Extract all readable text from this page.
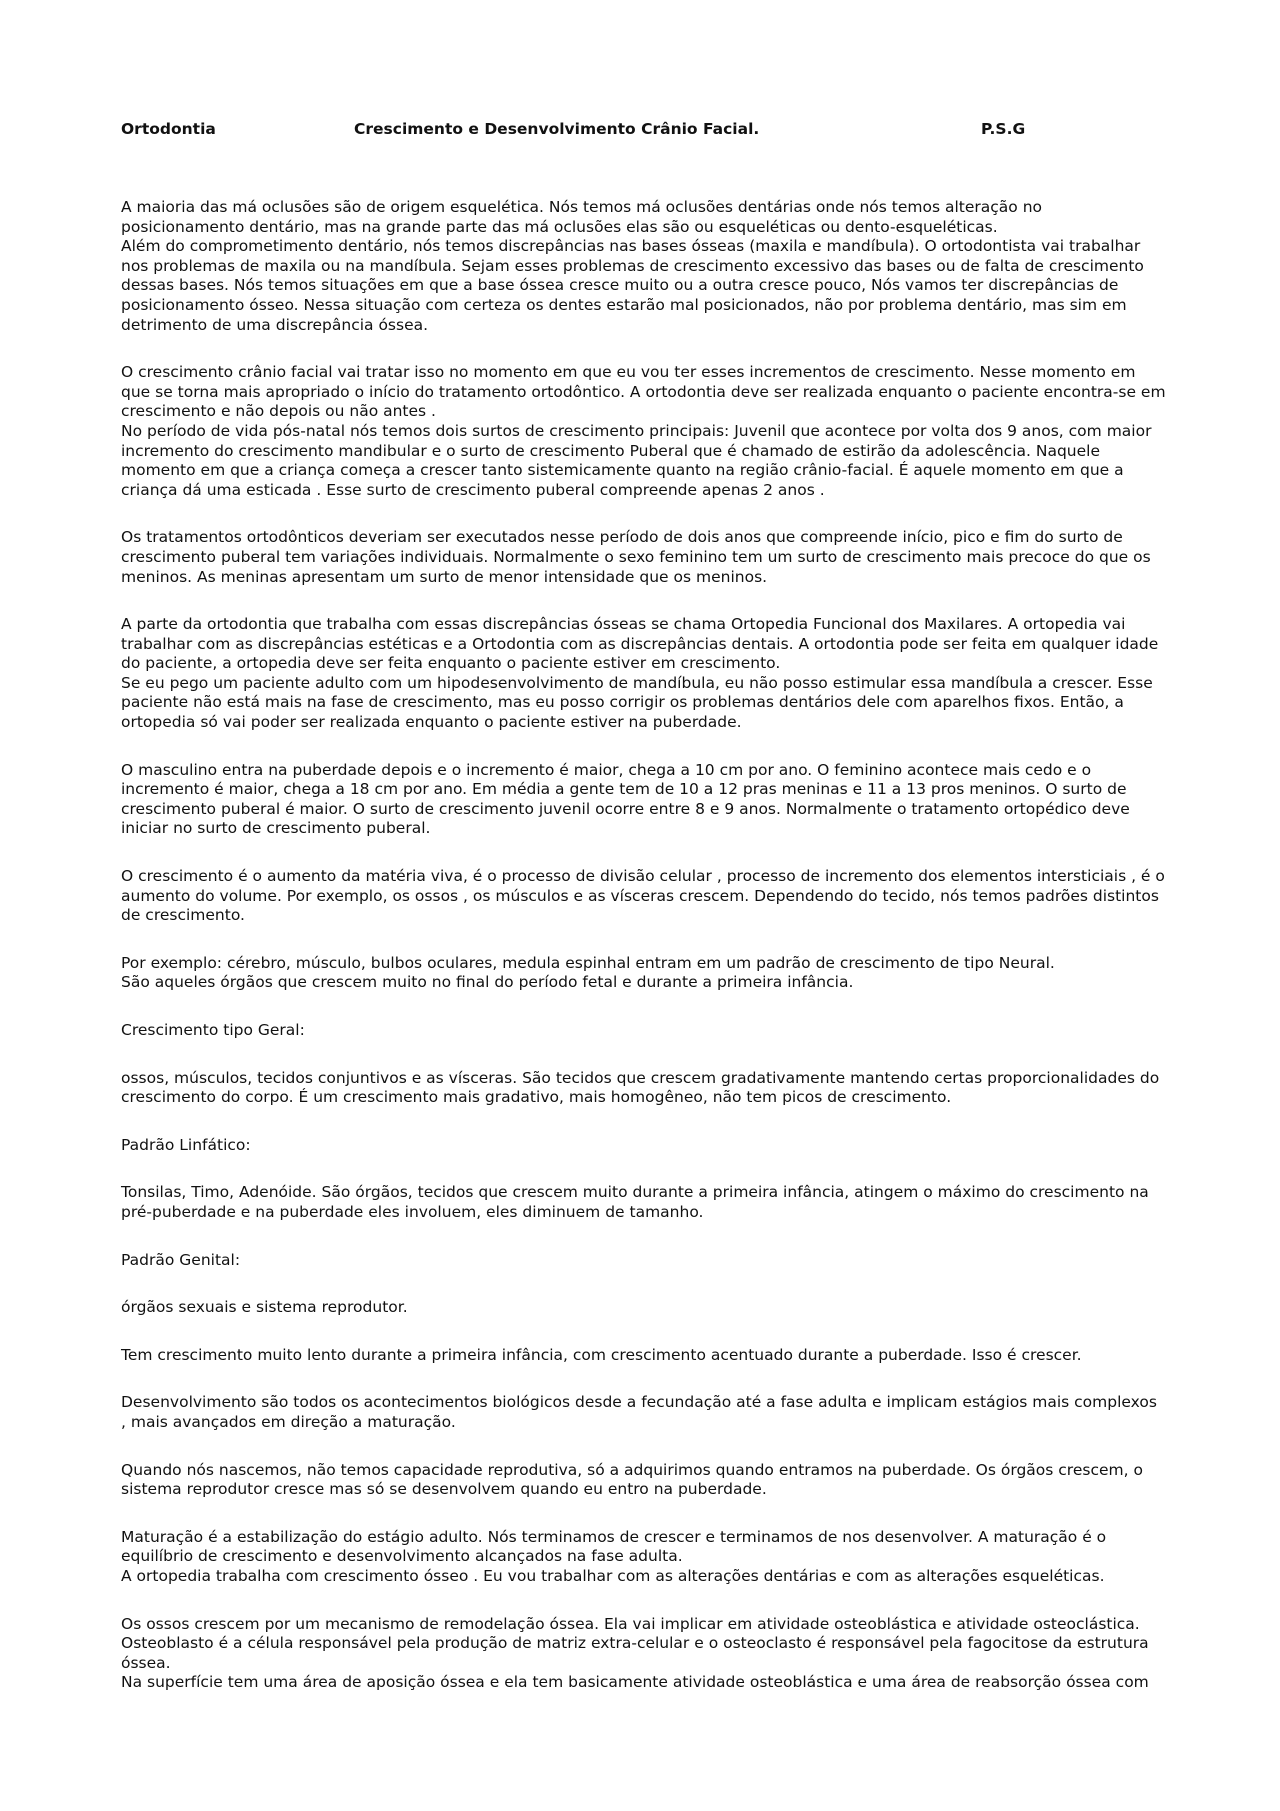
Ortodontia	Crescimento e Desenvolvimento Crânio Facial.	P.S.G

A maioria das má oclusões são de origem esquelética. Nós temos má oclusões dentárias onde nós temos alteração no posicionamento dentário, mas na grande parte das má oclusões elas são ou esqueléticas ou dento-esqueléticas.
Além do comprometimento dentário, nós temos discrepâncias nas bases ósseas (maxila e mandíbula). O ortodontista vai trabalhar nos problemas de maxila ou na mandíbula. Sejam esses problemas de crescimento excessivo das bases ou de falta de crescimento dessas bases. Nós temos situações em que a base óssea cresce muito ou a outra cresce pouco, Nós vamos ter discrepâncias de posicionamento ósseo. Nessa situação com certeza os dentes estarão mal posicionados, não por problema dentário, mas sim em detrimento de uma discrepância óssea.

O crescimento crânio facial vai tratar isso no momento em que eu vou ter esses incrementos de crescimento. Nesse momento em que se torna mais apropriado o início do tratamento ortodôntico. A ortodontia deve ser realizada enquanto o paciente encontra-se em crescimento e não depois ou não antes .
No período de vida pós-natal nós temos dois surtos de crescimento principais: Juvenil que acontece por volta dos 9 anos, com maior incremento do crescimento mandibular e o surto de crescimento Puberal que é chamado de estirão da adolescência. Naquele momento em que a criança começa a crescer tanto sistemicamente quanto na região crânio-facial. É aquele momento em que a criança dá uma esticada . Esse surto de crescimento puberal compreende apenas 2 anos .

Os tratamentos ortodônticos deveriam ser executados nesse período de dois anos que compreende início, pico e fim do surto de crescimento puberal tem variações individuais. Normalmente o sexo feminino tem um surto de crescimento mais precoce do que os meninos. As meninas apresentam um surto de menor intensidade que os meninos.

A parte da ortodontia que trabalha com essas discrepâncias ósseas se chama Ortopedia Funcional dos Maxilares. A ortopedia vai trabalhar com as discrepâncias estéticas e a Ortodontia com as discrepâncias dentais. A ortodontia pode ser feita em qualquer idade do paciente, a ortopedia deve ser feita enquanto o paciente estiver em crescimento.
Se eu pego um paciente adulto com um hipodesenvolvimento de mandíbula, eu não posso estimular essa mandíbula a crescer. Esse paciente não está mais na fase de crescimento, mas eu posso corrigir os problemas dentários dele com aparelhos fixos. Então, a ortopedia só vai poder ser realizada enquanto o paciente estiver na puberdade.

O masculino entra na puberdade depois e o incremento é maior, chega a 10 cm por ano. O feminino acontece mais cedo e o incremento é maior, chega a 18 cm por ano. Em média a gente tem de 10 a 12 pras meninas e 11 a 13 pros meninos. O surto de crescimento puberal é maior. O surto de crescimento juvenil ocorre entre 8 e 9 anos. Normalmente o tratamento ortopédico deve iniciar no surto de crescimento puberal.

O crescimento é o aumento da matéria viva, é o processo de divisão celular , processo de incremento dos elementos intersticiais , é o aumento do volume. Por exemplo, os ossos , os músculos e as vísceras crescem. Dependendo do tecido, nós temos padrões distintos de crescimento.

Por exemplo: cérebro, músculo, bulbos oculares, medula espinhal entram em um padrão de crescimento de tipo Neural.
São aqueles órgãos que crescem muito no final do período fetal e durante a primeira infância.

Crescimento tipo Geral:

ossos, músculos, tecidos conjuntivos e as vísceras. São tecidos que crescem gradativamente mantendo certas proporcionalidades do crescimento do corpo. É um crescimento mais gradativo, mais homogêneo, não tem picos de crescimento.

Padrão Linfático:

Tonsilas, Timo, Adenóide. São órgãos, tecidos que crescem muito durante a primeira infância, atingem o máximo do crescimento na pré-puberdade e na puberdade eles involuem, eles diminuem de tamanho.

Padrão Genital:

órgãos sexuais e sistema reprodutor.

Tem crescimento muito lento durante a primeira infância, com crescimento acentuado durante a puberdade. Isso é crescer.

Desenvolvimento são todos os acontecimentos biológicos desde a fecundação até a fase adulta e implicam estágios mais complexos , mais avançados em direção a maturação.

Quando nós nascemos, não temos capacidade reprodutiva, só a adquirimos quando entramos na puberdade. Os órgãos crescem, o sistema reprodutor cresce mas só se desenvolvem quando eu entro na puberdade.

Maturação é a estabilização do estágio adulto. Nós terminamos de crescer e terminamos de nos desenvolver. A maturação é o equilíbrio de crescimento e desenvolvimento alcançados na fase adulta.
A ortopedia trabalha com crescimento ósseo . Eu vou trabalhar com as alterações dentárias e com as alterações esqueléticas.

Os ossos crescem por um mecanismo de remodelação óssea. Ela vai implicar em atividade osteoblástica e atividade osteoclástica. Osteoblasto é a célula responsável pela produção de matriz extra-celular e o osteoclasto é responsável pela fagocitose da estrutura óssea.
Na superfície tem uma área de aposição óssea e ela tem basicamente atividade osteoblástica e uma área de reabsorção óssea com
